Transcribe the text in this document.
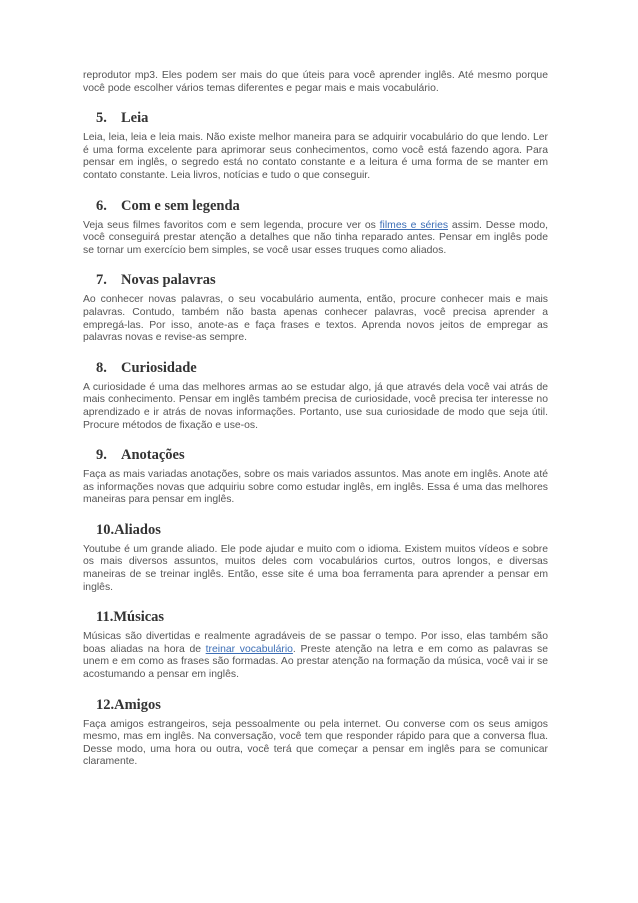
reprodutor mp3. Eles podem ser mais do que úteis para você aprender inglês. Até mesmo porque você pode escolher vários temas diferentes e pegar mais e mais vocabulário.

5. Leia

Leia, leia, leia e leia mais. Não existe melhor maneira para se adquirir vocabulário do que lendo. Ler é uma forma excelente para aprimorar seus conhecimentos, como você está fazendo agora. Para pensar em inglês, o segredo está no contato constante e a leitura é uma forma de se manter em contato constante. Leia livros, notícias e tudo o que conseguir.

6. Com e sem legenda

Veja seus filmes favoritos com e sem legenda, procure ver os filmes e séries assim. Desse modo, você conseguirá prestar atenção a detalhes que não tinha reparado antes. Pensar em inglês pode se tornar um exercício bem simples, se você usar esses truques como aliados.

7. Novas palavras

Ao conhecer novas palavras, o seu vocabulário aumenta, então, procure conhecer mais e mais palavras. Contudo, também não basta apenas conhecer palavras, você precisa aprender a empregá-las. Por isso, anote-as e faça frases e textos. Aprenda novos jeitos de empregar as palavras novas e revise-as sempre.

8. Curiosidade

A curiosidade é uma das melhores armas ao se estudar algo, já que através dela você vai atrás de mais conhecimento. Pensar em inglês também precisa de curiosidade, você precisa ter interesse no aprendizado e ir atrás de novas informações. Portanto, use sua curiosidade de modo que seja útil. Procure métodos de fixação e use-os.

9. Anotações

Faça as mais variadas anotações, sobre os mais variados assuntos. Mas anote em inglês. Anote até as informações novas que adquiriu sobre como estudar inglês, em inglês. Essa é uma das melhores maneiras para pensar em inglês.

10.Aliados

Youtube é um grande aliado. Ele pode ajudar e muito com o idioma. Existem muitos vídeos e sobre os mais diversos assuntos, muitos deles com vocabulários curtos, outros longos, e diversas maneiras de se treinar inglês. Então, esse site é uma boa ferramenta para aprender a pensar em inglês.

11.Músicas

Músicas são divertidas e realmente agradáveis de se passar o tempo. Por isso, elas também são boas aliadas na hora de treinar vocabulário. Preste atenção na letra e em como as palavras se unem e em como as frases são formadas. Ao prestar atenção na formação da música, você vai ir se acostumando a pensar em inglês.

12.Amigos

Faça amigos estrangeiros, seja pessoalmente ou pela internet. Ou converse com os seus amigos mesmo, mas em inglês. Na conversação, você tem que responder rápido para que a conversa flua. Desse modo, uma hora ou outra, você terá que começar a pensar em inglês para se comunicar claramente.
